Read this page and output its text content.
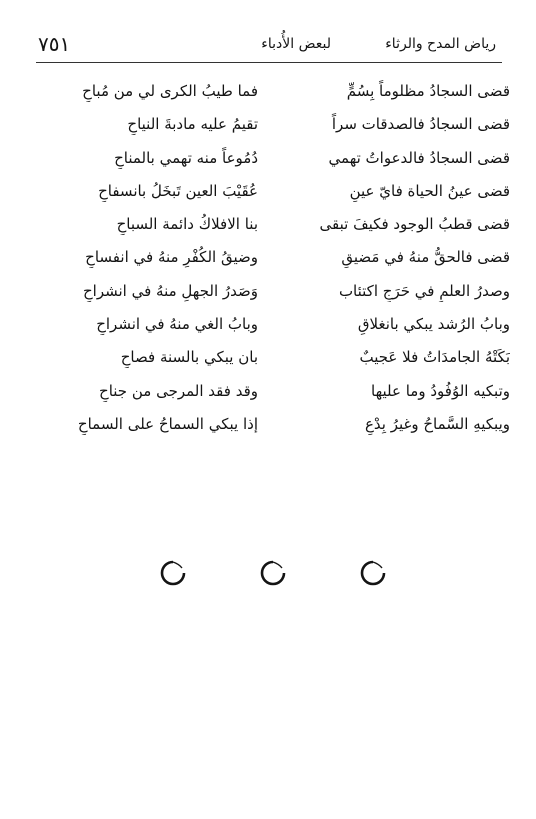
رياض المدح والرثاء
لبعض الأُدباء
٧٥١
قضى السجادُ مظلوماً بِسُمٍّ
فما طيبُ الكرى لي من مُباحِ
قضى السجادُ فالصدقات سراً
تقيمُ عليه مادبةَ النياحِ
قضى السجادُ فالدعواتُ تهمي
دُمُوعاً منه تهمي بالمناحِ
قضى عينُ الحياة فايّ عينٍ
عُقَيْبَ العين تَبخَلُ بانسفاحِ
قضى قطبُ الوجود فكيفَ تبقى
بنا الافلاكُ دائمة السباحِ
قضى فالحقُّ منهُ في مَضيقٍ
وضيقُ الكُفْرِ منهُ في انفساحِ
وصدرُ العلمِ في حَرَجٍ اكتئاب
وَصَدرُ الجهلِ منهُ في انشراحِ
وبابُ الرُشد يبكي بانغلاقٍ
وبابُ الغي منهُ في انشراحِ
بَكَتْهُ الجامدَاتُ فلا عَجيبٌ
بان يبكي بالسنة فصاحِ
وتبكيه الوُفُودُ وما عليها
وقد فقد المرجى من جناحِ
ويبكيهِ السَّماحُ وغيرُ بِدْعٍ
إذا يبكي السماحُ على السماحِ
